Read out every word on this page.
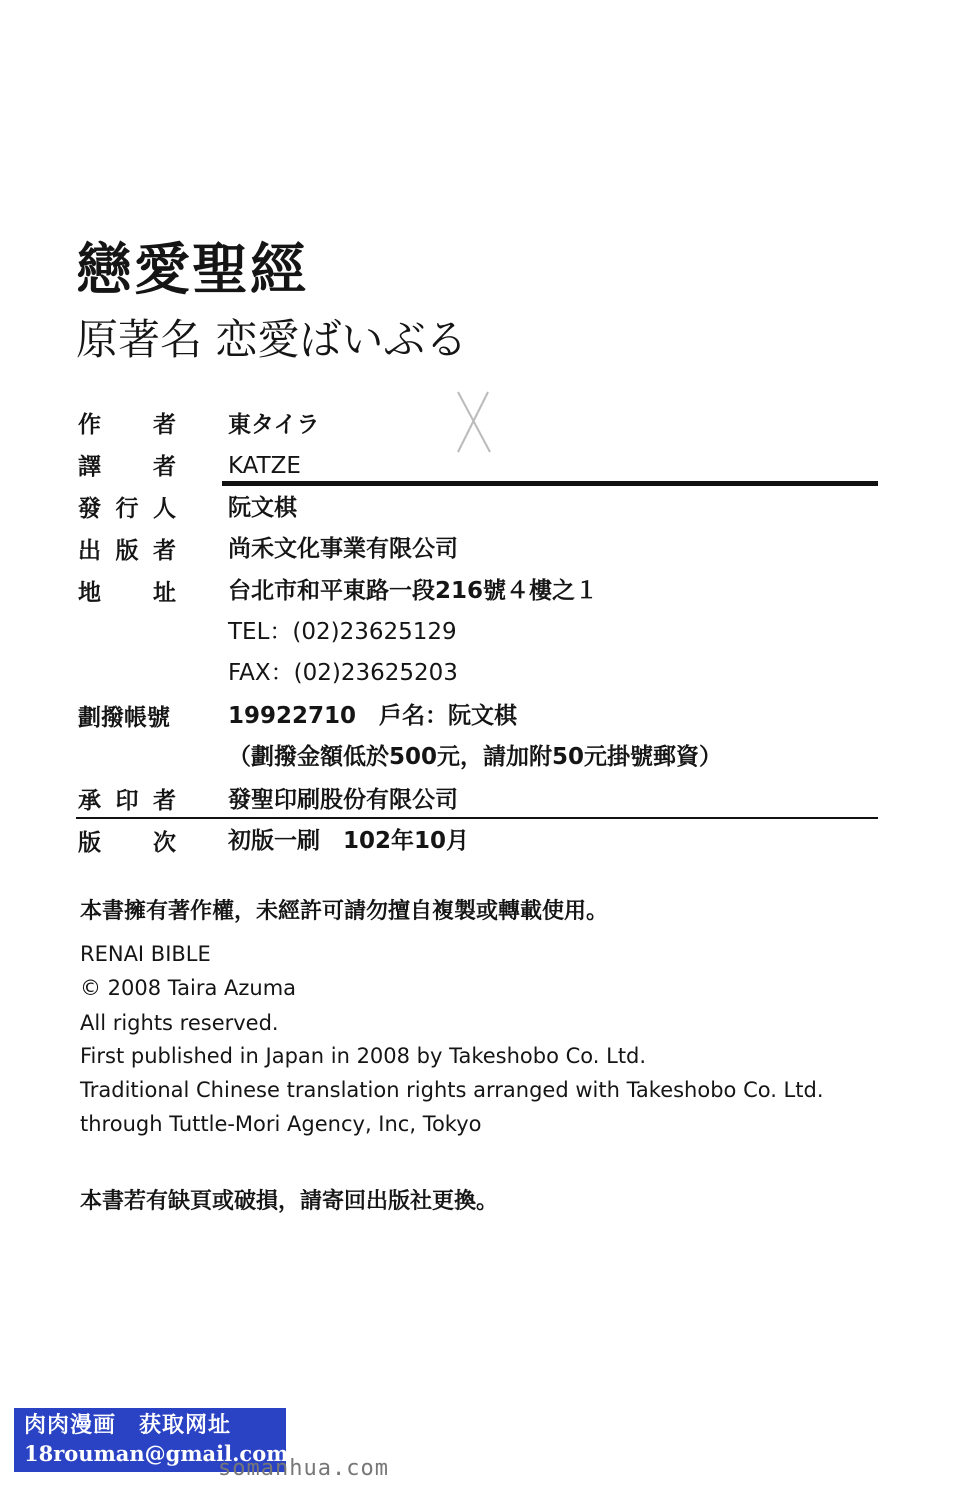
戀愛聖經
原著名 恋愛ばいぶる
作 者 東タイラ
譯 者 KATZE
發 行 人 阮文棋
出 版 者 尚禾文化事業有限公司
地 址 台北市和平東路一段216號４樓之１
TEL：(02)23625129
FAX：(02)23625203
劃撥帳號	19922710　戶名：阮文棋
（劃撥金額低於500元，請加附50元掛號郵資）
承 印 者 發聖印刷股份有限公司
版 次 初版一刷　102年10月
本書擁有著作權，未經許可請勿擅自複製或轉載使用。
RENAI BIBLE
© 2008 Taira Azuma
All rights reserved.
First published in Japan in 2008 by Takeshobo Co. Ltd.
Traditional Chinese translation rights arranged with Takeshobo Co. Ltd.
through Tuttle-Mori Agency, Inc, Tokyo
本書若有缺頁或破損，請寄回出版社更換。
肉肉漫画　获取网址
18rouman@gmail.com
somanhua.com
